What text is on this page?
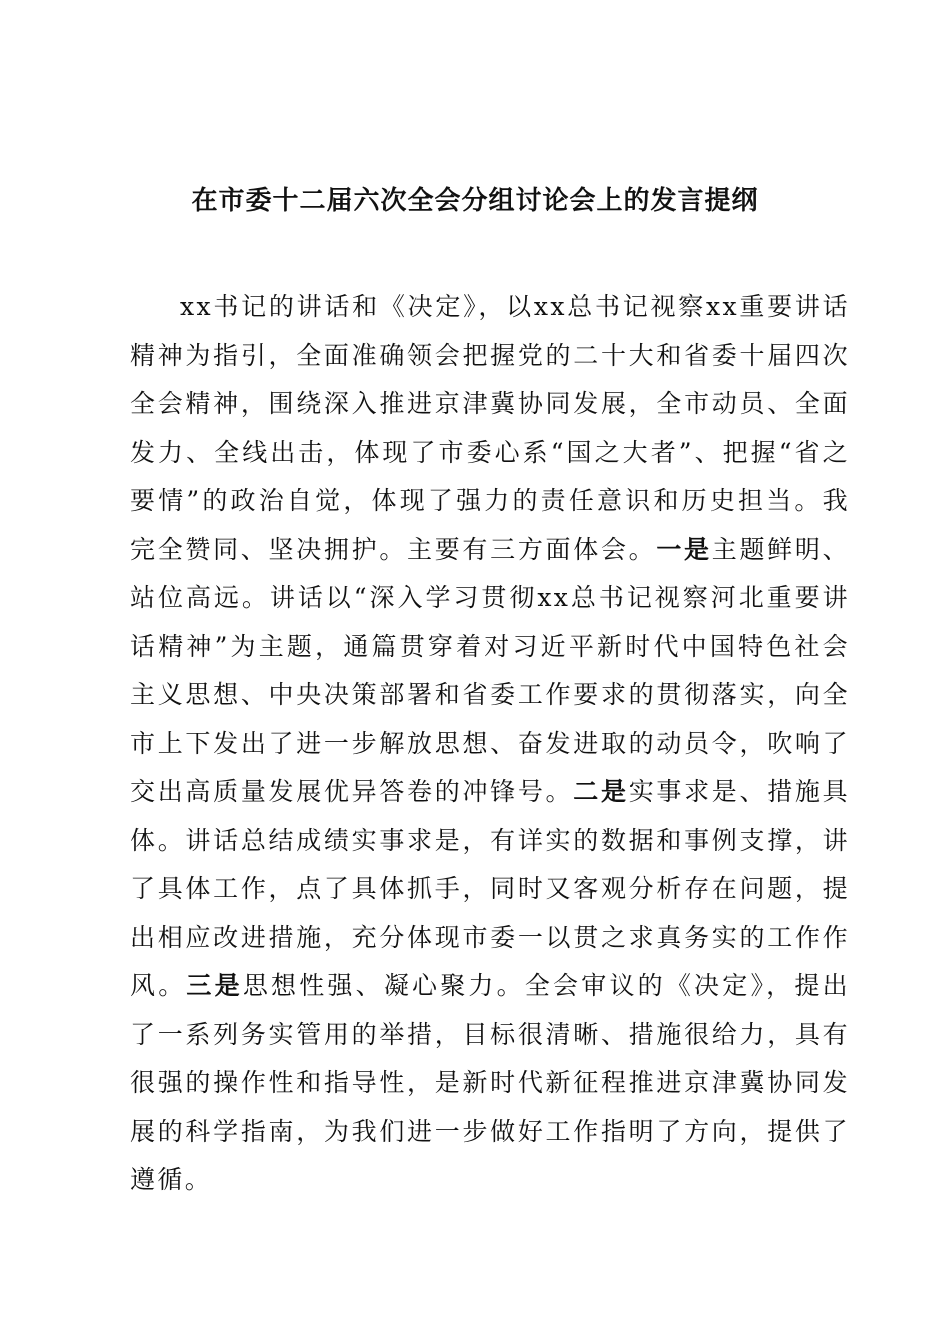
在市委十二届六次全会分组讨论会上的发言提纲

xx书记的讲话和《决定》，以xx总书记视察xx重要讲话精神为指引，全面准确领会把握党的二十大和省委十届四次全会精神，围绕深入推进京津冀协同发展，全市动员、全面发力、全线出击，体现了市委心系“国之大者”、把握“省之要情”的政治自觉，体现了强力的责任意识和历史担当。我完全赞同、坚决拥护。主要有三方面体会。一是主题鲜明、站位高远。讲话以“深入学习贯彻xx总书记视察河北重要讲话精神”为主题，通篇贯穿着对习近平新时代中国特色社会主义思想、中央决策部署和省委工作要求的贯彻落实，向全市上下发出了进一步解放思想、奋发进取的动员令，吹响了交出高质量发展优异答卷的冲锋号。二是实事求是、措施具体。讲话总结成绩实事求是，有详实的数据和事例支撑，讲了具体工作，点了具体抓手，同时又客观分析存在问题，提出相应改进措施，充分体现市委一以贯之求真务实的工作作风。三是思想性强、凝心聚力。全会审议的《决定》，提出了一系列务实管用的举措，目标很清晰、措施很给力，具有很强的操作性和指导性，是新时代新征程推进京津冀协同发展的科学指南，为我们进一步做好工作指明了方向，提供了遵循。
